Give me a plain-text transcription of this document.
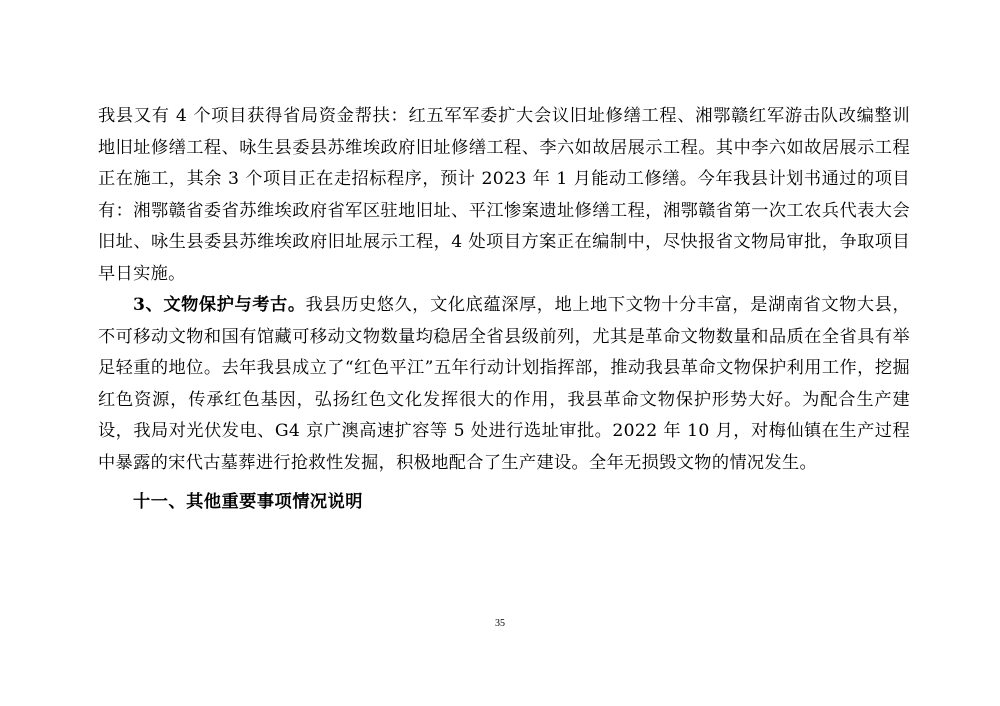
我县又有 4 个项目获得省局资金帮扶：红五军军委扩大会议旧址修缮工程、湘鄂赣红军游击队改编整训地旧址修缮工程、咏生县委县苏维埃政府旧址修缮工程、李六如故居展示工程。其中李六如故居展示工程正在施工，其余 3 个项目正在走招标程序，预计 2023 年 1 月能动工修缮。今年我县计划书通过的项目有：湘鄂赣省委省苏维埃政府省军区驻地旧址、平江惨案遗址修缮工程，湘鄂赣省第一次工农兵代表大会旧址、咏生县委县苏维埃政府旧址展示工程，4 处项目方案正在编制中，尽快报省文物局审批，争取项目早日实施。

3、文物保护与考古。我县历史悠久，文化底蕴深厚，地上地下文物十分丰富，是湖南省文物大县，不可移动文物和国有馆藏可移动文物数量均稳居全省县级前列，尤其是革命文物数量和品质在全省具有举足轻重的地位。去年我县成立了“红色平江”五年行动计划指挥部，推动我县革命文物保护利用工作，挖掘红色资源，传承红色基因，弘扬红色文化发挥很大的作用，我县革命文物保护形势大好。为配合生产建设，我局对光伏发电、G4 京广澳高速扩容等 5 处进行选址审批。2022 年 10 月，对梅仙镇在生产过程中暴露的宋代古墓葬进行抢救性发掘，积极地配合了生产建设。全年无损毁文物的情况发生。

十一、其他重要事项情况说明
35
